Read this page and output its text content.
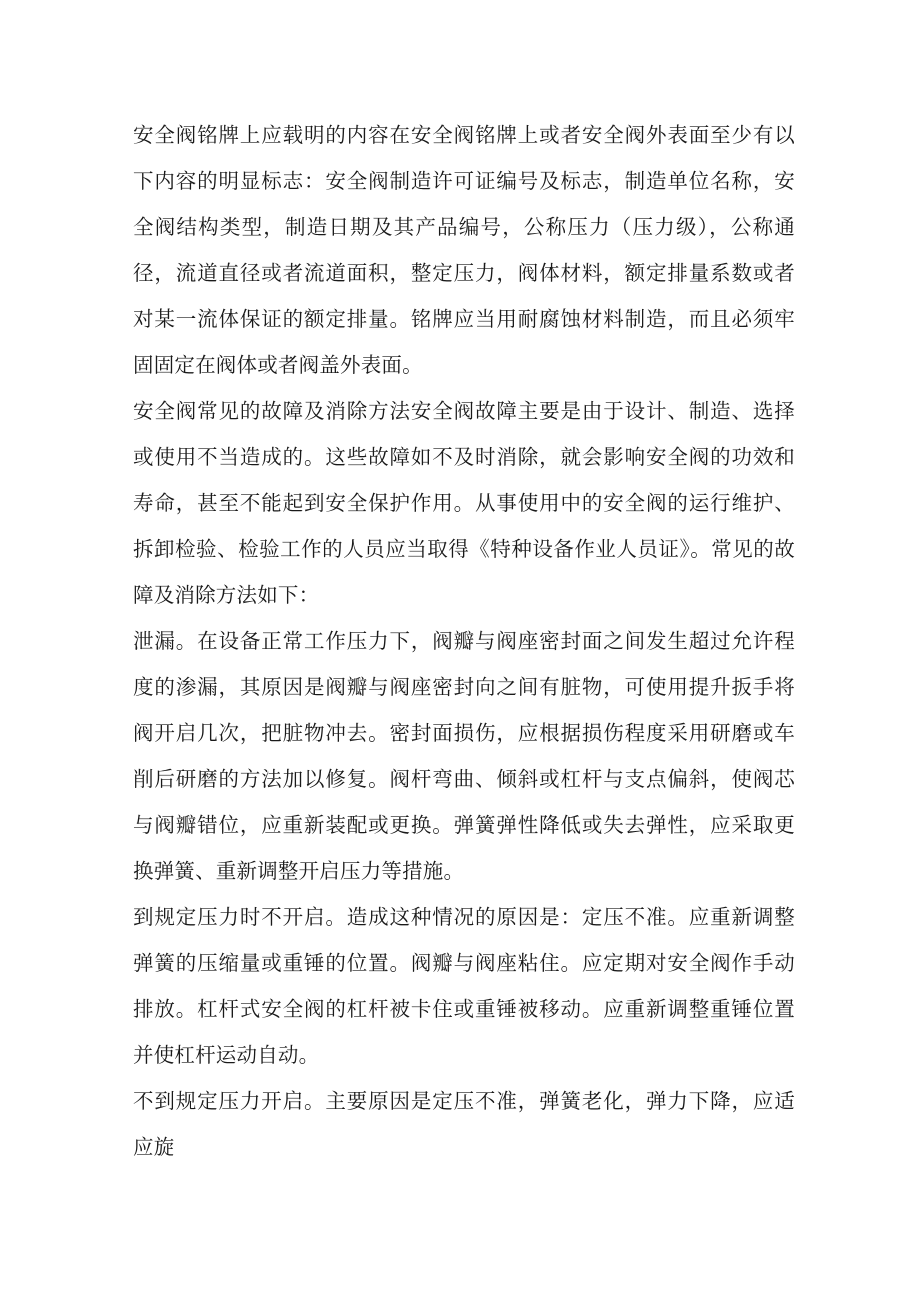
安全阀铭牌上应载明的内容在安全阀铭牌上或者安全阀外表面至少有以下内容的明显标志：安全阀制造许可证编号及标志，制造单位名称，安全阀结构类型，制造日期及其产品编号，公称压力（压力级），公称通径，流道直径或者流道面积，整定压力，阀体材料，额定排量系数或者对某一流体保证的额定排量。铭牌应当用耐腐蚀材料制造，而且必须牢固固定在阀体或者阀盖外表面。

安全阀常见的故障及消除方法安全阀故障主要是由于设计、制造、选择或使用不当造成的。这些故障如不及时消除，就会影响安全阀的功效和寿命，甚至不能起到安全保护作用。从事使用中的安全阀的运行维护、拆卸检验、检验工作的人员应当取得《特种设备作业人员证》。常见的故障及消除方法如下：

泄漏。在设备正常工作压力下，阀瓣与阀座密封面之间发生超过允许程度的渗漏，其原因是阀瓣与阀座密封向之间有脏物，可使用提升扳手将阀开启几次，把脏物冲去。密封面损伤，应根据损伤程度采用研磨或车削后研磨的方法加以修复。阀杆弯曲、倾斜或杠杆与支点偏斜，使阀芯与阀瓣错位，应重新装配或更换。弹簧弹性降低或失去弹性，应采取更换弹簧、重新调整开启压力等措施。

到规定压力时不开启。造成这种情况的原因是：定压不准。应重新调整弹簧的压缩量或重锤的位置。阀瓣与阀座粘住。应定期对安全阀作手动排放。杠杆式安全阀的杠杆被卡住或重锤被移动。应重新调整重锤位置并使杠杆运动自动。

不到规定压力开启。主要原因是定压不准，弹簧老化，弹力下降，应适应旋
